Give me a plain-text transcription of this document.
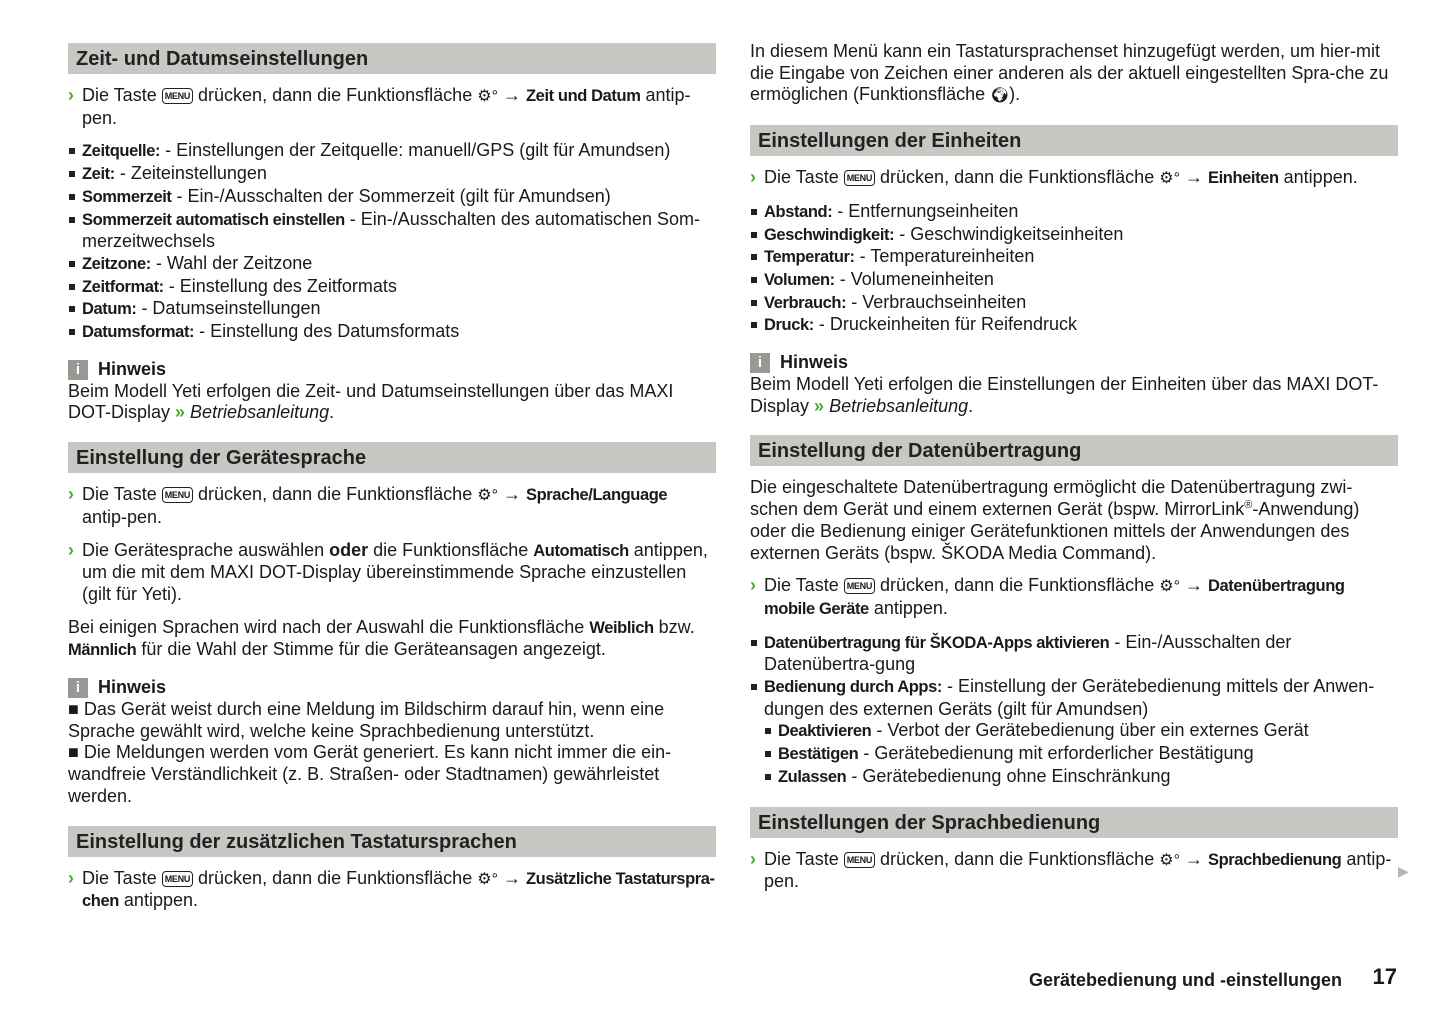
Zeit- und Datumseinstellungen
› Die Taste MENU drücken, dann die Funktionsfläche ⚙° → Zeit und Datum antip-pen.
Zeitquelle: - Einstellungen der Zeitquelle: manuell/GPS (gilt für Amundsen)
Zeit: - Zeiteinstellungen
Sommerzeit - Ein-/Ausschalten der Sommerzeit (gilt für Amundsen)
Sommerzeit automatisch einstellen - Ein-/Ausschalten des automatischen Som-merzeitwechsels
Zeitzone: - Wahl der Zeitzone
Zeitformat: - Einstellung des Zeitformats
Datum: - Datumseinstellungen
Datumsformat: - Einstellung des Datumsformats
i Hinweis
Beim Modell Yeti erfolgen die Zeit- und Datumseinstellungen über das MAXI DOT-Display » Betriebsanleitung.
Einstellung der Gerätesprache
› Die Taste MENU drücken, dann die Funktionsfläche ⚙° → Sprache/Language antip-pen.
› Die Gerätesprache auswählen oder die Funktionsfläche Automatisch antippen, um die mit dem MAXI DOT-Display übereinstimmende Sprache einzustellen (gilt für Yeti).
Bei einigen Sprachen wird nach der Auswahl die Funktionsfläche Weiblich bzw. Männlich für die Wahl der Stimme für die Geräteansagen angezeigt.
i Hinweis
■ Das Gerät weist durch eine Meldung im Bildschirm darauf hin, wenn eine Sprache gewählt wird, welche keine Sprachbedienung unterstützt.
■ Die Meldungen werden vom Gerät generiert. Es kann nicht immer die ein-wandfreie Verständlichkeit (z. B. Straßen- oder Stadtnamen) gewährleistet werden.
Einstellung der zusätzlichen Tastatursprachen
› Die Taste MENU drücken, dann die Funktionsfläche ⚙° → Zusätzliche Tastaturspra-chen antippen.
In diesem Menü kann ein Tastatursprachenset hinzugefügt werden, um hier-mit die Eingabe von Zeichen einer anderen als der aktuell eingestellten Spra-che zu ermöglichen (Funktionsfläche 🌍︎).
Einstellungen der Einheiten
› Die Taste MENU drücken, dann die Funktionsfläche ⚙° → Einheiten antippen.
Abstand: - Entfernungseinheiten
Geschwindigkeit: - Geschwindigkeitseinheiten
Temperatur: - Temperatureinheiten
Volumen: - Volumeneinheiten
Verbrauch: - Verbrauchseinheiten
Druck: - Druckeinheiten für Reifendruck
i Hinweis
Beim Modell Yeti erfolgen die Einstellungen der Einheiten über das MAXI DOT-Display » Betriebsanleitung.
Einstellung der Datenübertragung
Die eingeschaltete Datenübertragung ermöglicht die Datenübertragung zwi-schen dem Gerät und einem externen Gerät (bspw. MirrorLink®-Anwendung) oder die Bedienung einiger Gerätefunktionen mittels der Anwendungen des externen Geräts (bspw. ŠKODA Media Command).
› Die Taste MENU drücken, dann die Funktionsfläche ⚙° → Datenübertragung mobile Geräte antippen.
Datenübertragung für ŠKODA-Apps aktivieren - Ein-/Ausschalten der Datenübertra-gung
Bedienung durch Apps: - Einstellung der Gerätebedienung mittels der Anwen-dungen des externen Geräts (gilt für Amundsen)
Deaktivieren - Verbot der Gerätebedienung über ein externes Gerät
Bestätigen - Gerätebedienung mit erforderlicher Bestätigung
Zulassen - Gerätebedienung ohne Einschränkung
Einstellungen der Sprachbedienung
› Die Taste MENU drücken, dann die Funktionsfläche ⚙° → Sprachbedienung antip-pen.
Gerätebedienung und -einstellungen 17
▶
